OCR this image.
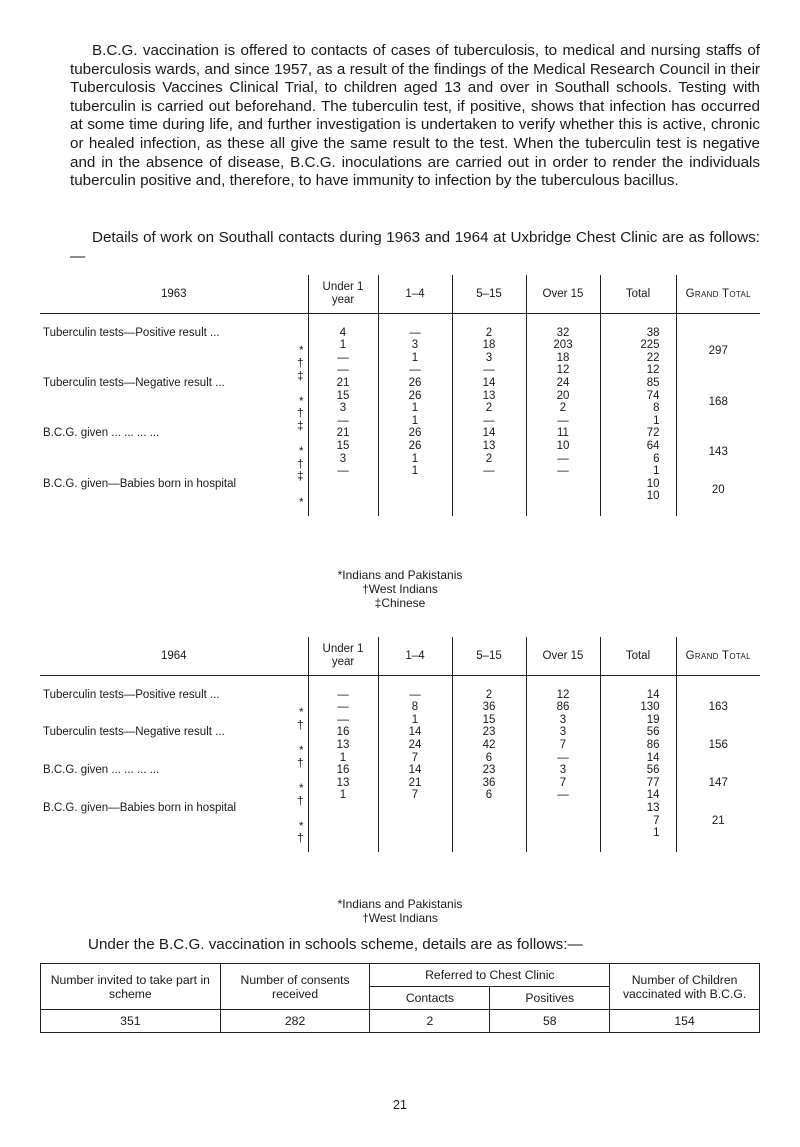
B.C.G. vaccination is offered to contacts of cases of tuberculosis, to medical and nursing staffs of tuberculosis wards, and since 1957, as a result of the findings of the Medical Research Council in their Tuberculosis Vaccines Clinical Trial, to children aged 13 and over in Southall schools. Testing with tuberculin is carried out beforehand. The tuberculin test, if positive, shows that infection has occurred at some time during life, and further investigation is undertaken to verify whether this is active, chronic or healed infection, as these all give the same result to the test. When the tuberculin test is negative and in the absence of disease, B.C.G. inoculations are carried out in order to render the individuals tuberculin positive and, therefore, to have immunity to infection by the tuberculous bacillus.

Details of work on Southall contacts during 1963 and 1964 at Uxbridge Chest Clinic are as follows:—

1963	Under 1 year	1–4	5–15	Over 15	Total	Grand Total

Tuberculin tests—Positive result ...	4	—	2	32	38	297

*	1	3	18	203	225	

†	—	1	3	18	22	

‡	—	—	—	12	12	
Tuberculin tests—Negative result ...	21	26	14	24	85	168

*	15	26	13	20	74	

†	3	1	2	2	8	

‡	—	1	—	—	1	
B.C.G. given ... ... ... ...	21	26	14	11	72	143

*	15	26	13	10	64	

†	3	1	2	—	6	

‡	—	1	—	—	1	
B.C.G. given—Babies born in hospital					10	20

*					10	

*Indians and Pakistanis
†West Indians
‡Chinese
1964	Under 1 year	1–4	5–15	Over 15	Total	Grand Total

Tuberculin tests—Positive result ...	—	—	2	12	14	163

*	—	8	36	86	130	

†	—	1	15	3	19	
Tuberculin tests—Negative result ...	16	14	23	3	56	156

*	13	24	42	7	86	

†	1	7	6	—	14	
B.C.G. given ... ... ... ...	16	14	23	3	56	147

*	13	21	36	7	77	

†	1	7	6	—	14	
B.C.G. given—Babies born in hospital					13	21

*					7	

†					1	

*Indians and Pakistanis
†West Indians

Under the B.C.G. vaccination in schools scheme, details are as follows:—

Number invited to take part in scheme	Number of consents received	Referred to Chest Clinic		Number of Children vaccinated with B.C.G.
		Contacts	Positives	
351	282	2	58	154
21
